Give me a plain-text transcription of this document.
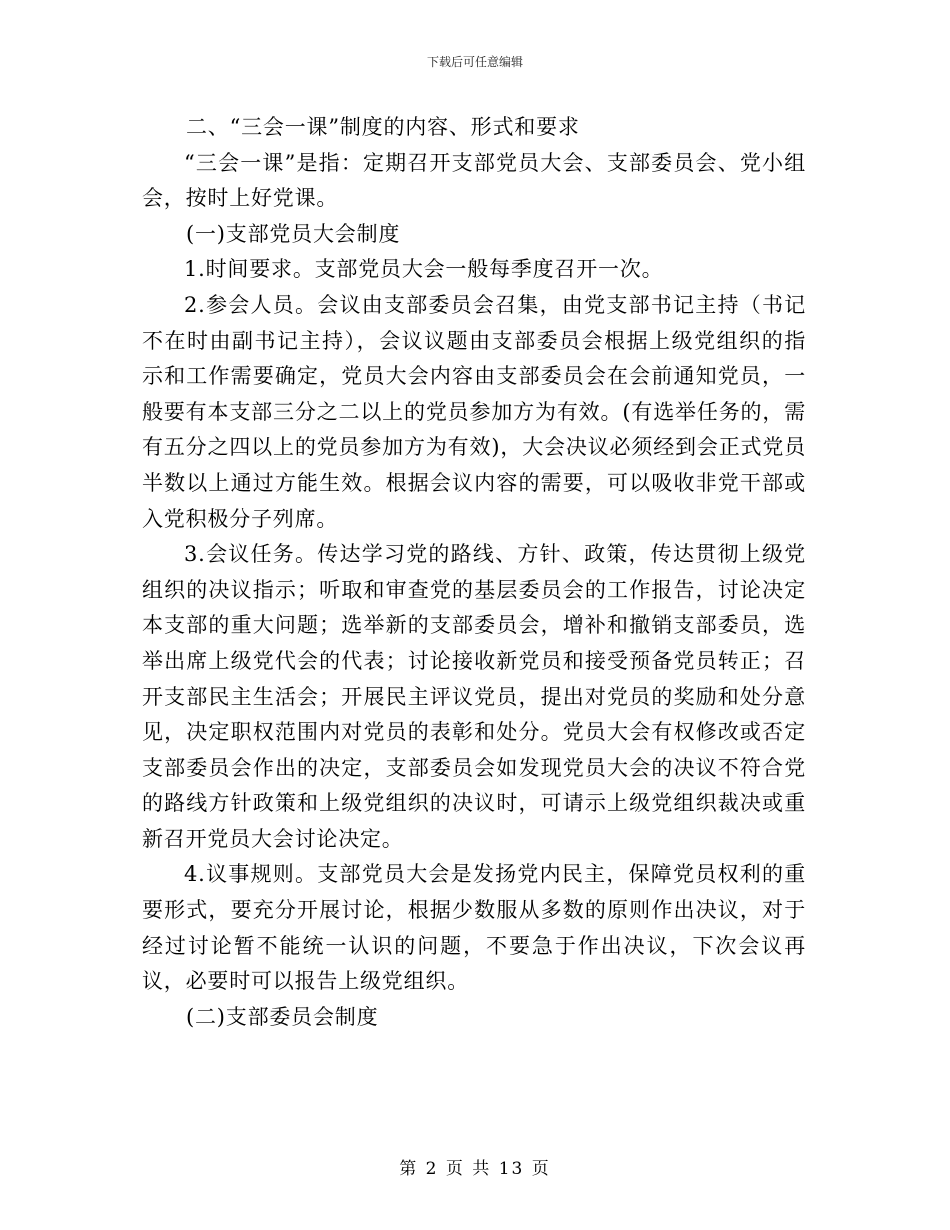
下载后可任意编辑

二、“三会一课”制度的内容、形式和要求

“三会一课”是指：定期召开支部党员大会、支部委员会、党小组会，按时上好党课。

(一)支部党员大会制度

1.时间要求。支部党员大会一般每季度召开一次。

2.参会人员。会议由支部委员会召集，由党支部书记主持（书记不在时由副书记主持），会议议题由支部委员会根据上级党组织的指示和工作需要确定，党员大会内容由支部委员会在会前通知党员，一般要有本支部三分之二以上的党员参加方为有效。(有选举任务的，需有五分之四以上的党员参加方为有效)，大会决议必须经到会正式党员半数以上通过方能生效。根据会议内容的需要，可以吸收非党干部或入党积极分子列席。

3.会议任务。传达学习党的路线、方针、政策，传达贯彻上级党组织的决议指示；听取和审查党的基层委员会的工作报告，讨论决定本支部的重大问题；选举新的支部委员会，增补和撤销支部委员，选举出席上级党代会的代表；讨论接收新党员和接受预备党员转正；召开支部民主生活会；开展民主评议党员，提出对党员的奖励和处分意见，决定职权范围内对党员的表彰和处分。党员大会有权修改或否定支部委员会作出的决定，支部委员会如发现党员大会的决议不符合党的路线方针政策和上级党组织的决议时，可请示上级党组织裁决或重新召开党员大会讨论决定。

4.议事规则。支部党员大会是发扬党内民主，保障党员权利的重要形式，要充分开展讨论，根据少数服从多数的原则作出决议，对于经过讨论暂不能统一认识的问题，不要急于作出决议，下次会议再议，必要时可以报告上级党组织。

(二)支部委员会制度

第 2 页 共 13 页
